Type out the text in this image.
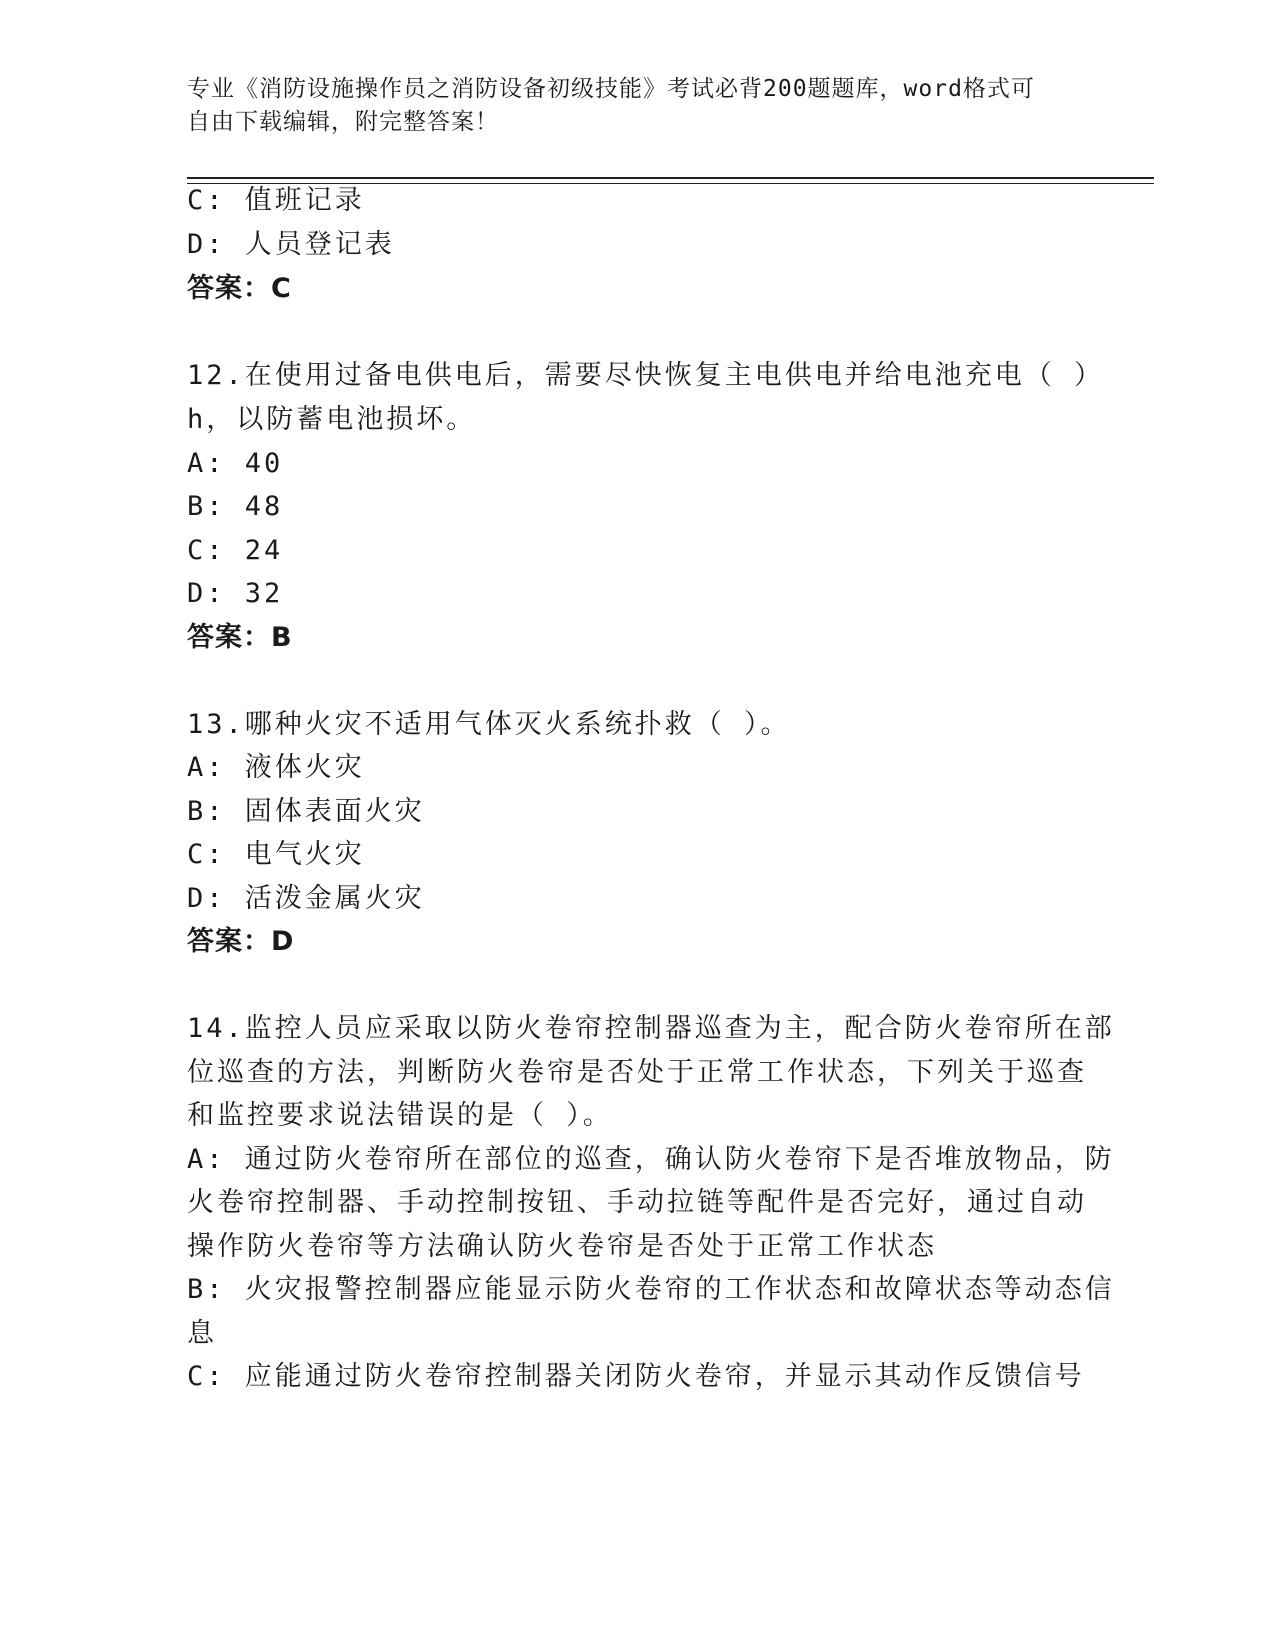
专业《消防设施操作员之消防设备初级技能》考试必背200题题库，word格式可
自由下载编辑，附完整答案！
C: 值班记录
D: 人员登记表
答案：C
12.在使用过备电供电后，需要尽快恢复主电供电并给电池充电（ ）
h，以防蓄电池损坏。
A: 40
B: 48
C: 24
D: 32
答案：B
13.哪种火灾不适用气体灭火系统扑救（ ）。
A: 液体火灾
B: 固体表面火灾
C: 电气火灾
D: 活泼金属火灾
答案：D
14.监控人员应采取以防火卷帘控制器巡查为主，配合防火卷帘所在部
位巡查的方法，判断防火卷帘是否处于正常工作状态，下列关于巡查
和监控要求说法错误的是（ ）。
A: 通过防火卷帘所在部位的巡查，确认防火卷帘下是否堆放物品，防
火卷帘控制器、手动控制按钮、手动拉链等配件是否完好，通过自动
操作防火卷帘等方法确认防火卷帘是否处于正常工作状态
B: 火灾报警控制器应能显示防火卷帘的工作状态和故障状态等动态信
息
C: 应能通过防火卷帘控制器关闭防火卷帘，并显示其动作反馈信号
